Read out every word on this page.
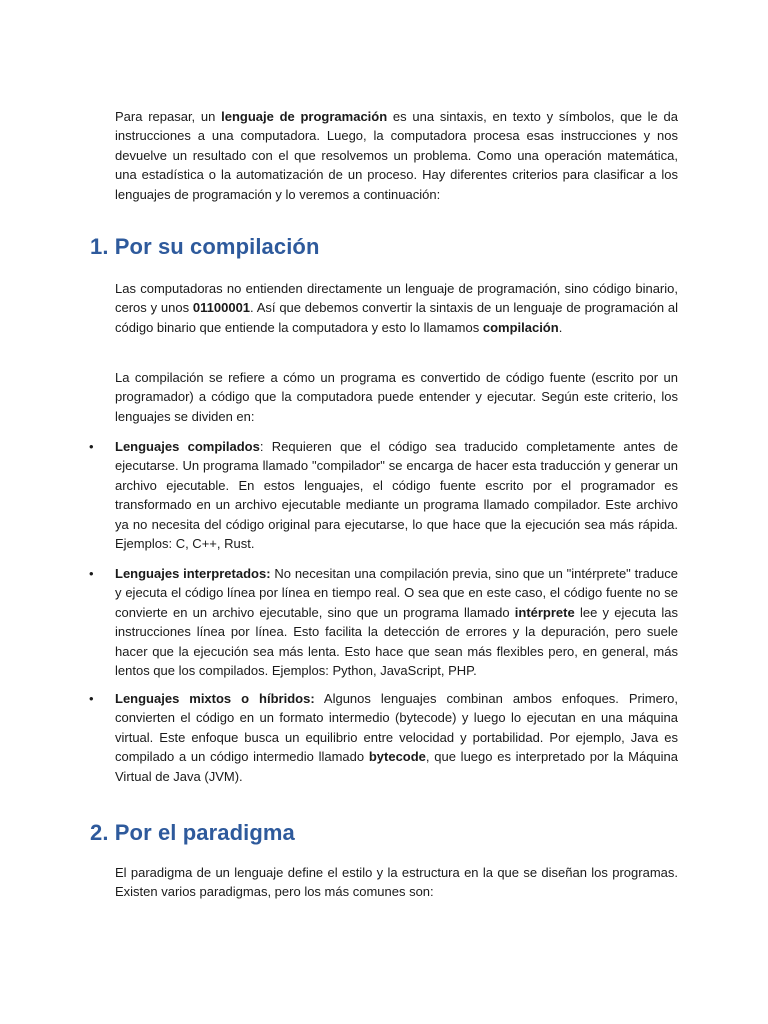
Para repasar, un lenguaje de programación es una sintaxis, en texto y símbolos, que le da instrucciones a una computadora. Luego, la computadora procesa esas instrucciones y nos devuelve un resultado con el que resolvemos un problema. Como una operación matemática, una estadística o la automatización de un proceso. Hay diferentes criterios para clasificar a los lenguajes de programación y lo veremos a continuación:

1. Por su compilación

Las computadoras no entienden directamente un lenguaje de programación, sino código binario, ceros y unos 01100001. Así que debemos convertir la sintaxis de un lenguaje de programación al código binario que entiende la computadora y esto lo llamamos compilación.

La compilación se refiere a cómo un programa es convertido de código fuente (escrito por un programador) a código que la computadora puede entender y ejecutar. Según este criterio, los lenguajes se dividen en:

• Lenguajes compilados: Requieren que el código sea traducido completamente antes de ejecutarse. Un programa llamado "compilador" se encarga de hacer esta traducción y generar un archivo ejecutable. En estos lenguajes, el código fuente escrito por el programador es transformado en un archivo ejecutable mediante un programa llamado compilador. Este archivo ya no necesita del código original para ejecutarse, lo que hace que la ejecución sea más rápida. Ejemplos: C, C++, Rust.

• Lenguajes interpretados: No necesitan una compilación previa, sino que un "intérprete" traduce y ejecuta el código línea por línea en tiempo real. O sea que en este caso, el código fuente no se convierte en un archivo ejecutable, sino que un programa llamado intérprete lee y ejecuta las instrucciones línea por línea. Esto facilita la detección de errores y la depuración, pero suele hacer que la ejecución sea más lenta. Esto hace que sean más flexibles pero, en general, más lentos que los compilados. Ejemplos: Python, JavaScript, PHP.

• Lenguajes mixtos o híbridos: Algunos lenguajes combinan ambos enfoques. Primero, convierten el código en un formato intermedio (bytecode) y luego lo ejecutan en una máquina virtual. Este enfoque busca un equilibrio entre velocidad y portabilidad. Por ejemplo, Java es compilado a un código intermedio llamado bytecode, que luego es interpretado por la Máquina Virtual de Java (JVM).

2. Por el paradigma

El paradigma de un lenguaje define el estilo y la estructura en la que se diseñan los programas. Existen varios paradigmas, pero los más comunes son:
